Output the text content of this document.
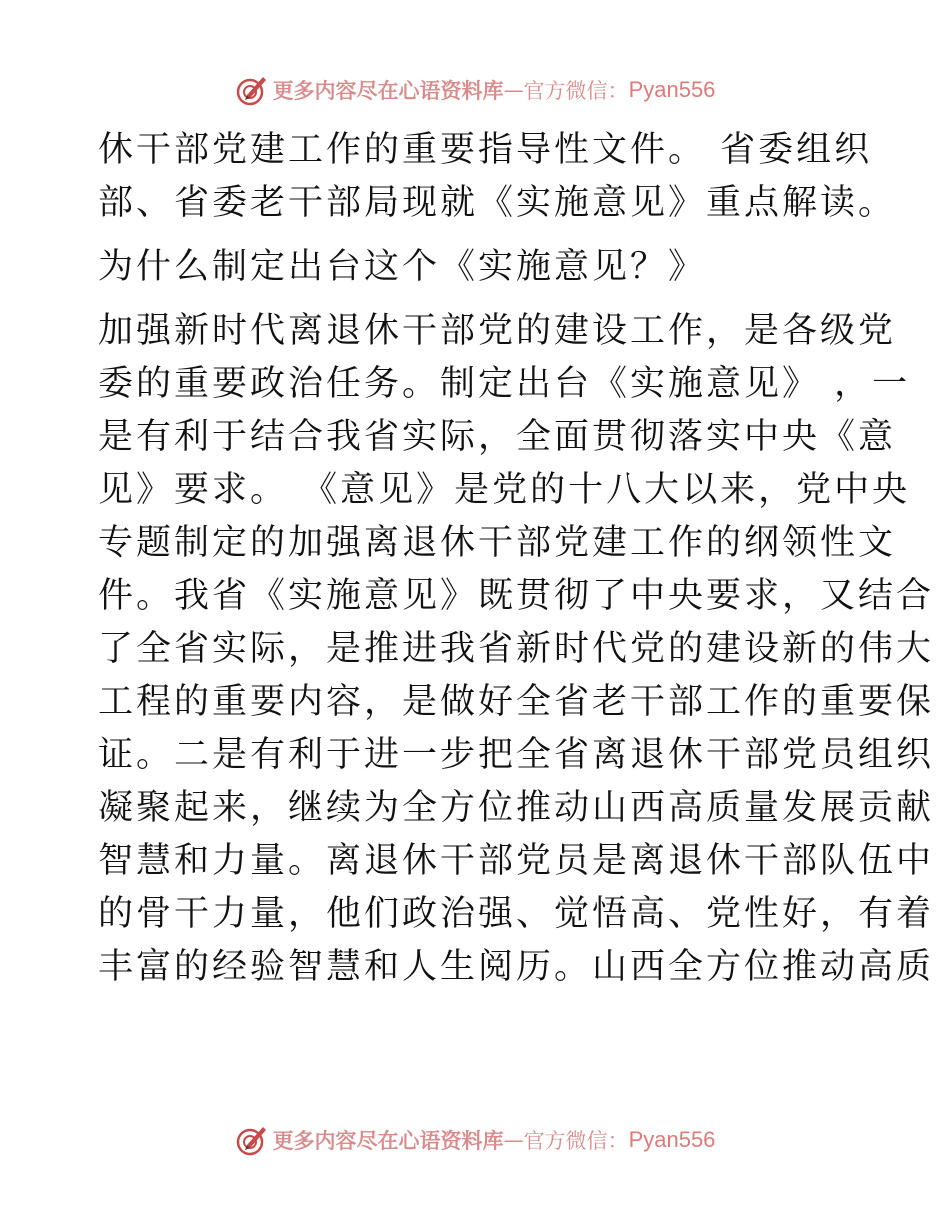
更多内容尽在心语资料库 — 官方微信： Pyan556
休干部党建工作的重要指导性文件。 省委组织
部、省委老干部局现就《实施意见》重点解读。
为什么制定出台这个《实施意见？》
加强新时代离退休干部党的建设工作，是各级党
委的重要政治任务。制定出台《实施意见》 ，一
是有利于结合我省实际，全面贯彻落实中央《意
见》要求。 《意见》是党的十八大以来，党中央
专题制定的加强离退休干部党建工作的纲领性文
件。我省《实施意见》既贯彻了中央要求，又结合
了全省实际，是推进我省新时代党的建设新的伟大
工程的重要内容，是做好全省老干部工作的重要保
证。二是有利于进一步把全省离退休干部党员组织
凝聚起来，继续为全方位推动山西高质量发展贡献
智慧和力量。离退休干部党员是离退休干部队伍中
的骨干力量，他们政治强、觉悟高、党性好，有着
丰富的经验智慧和人生阅历。山西全方位推动高质
更多内容尽在心语资料库 — 官方微信： Pyan556
